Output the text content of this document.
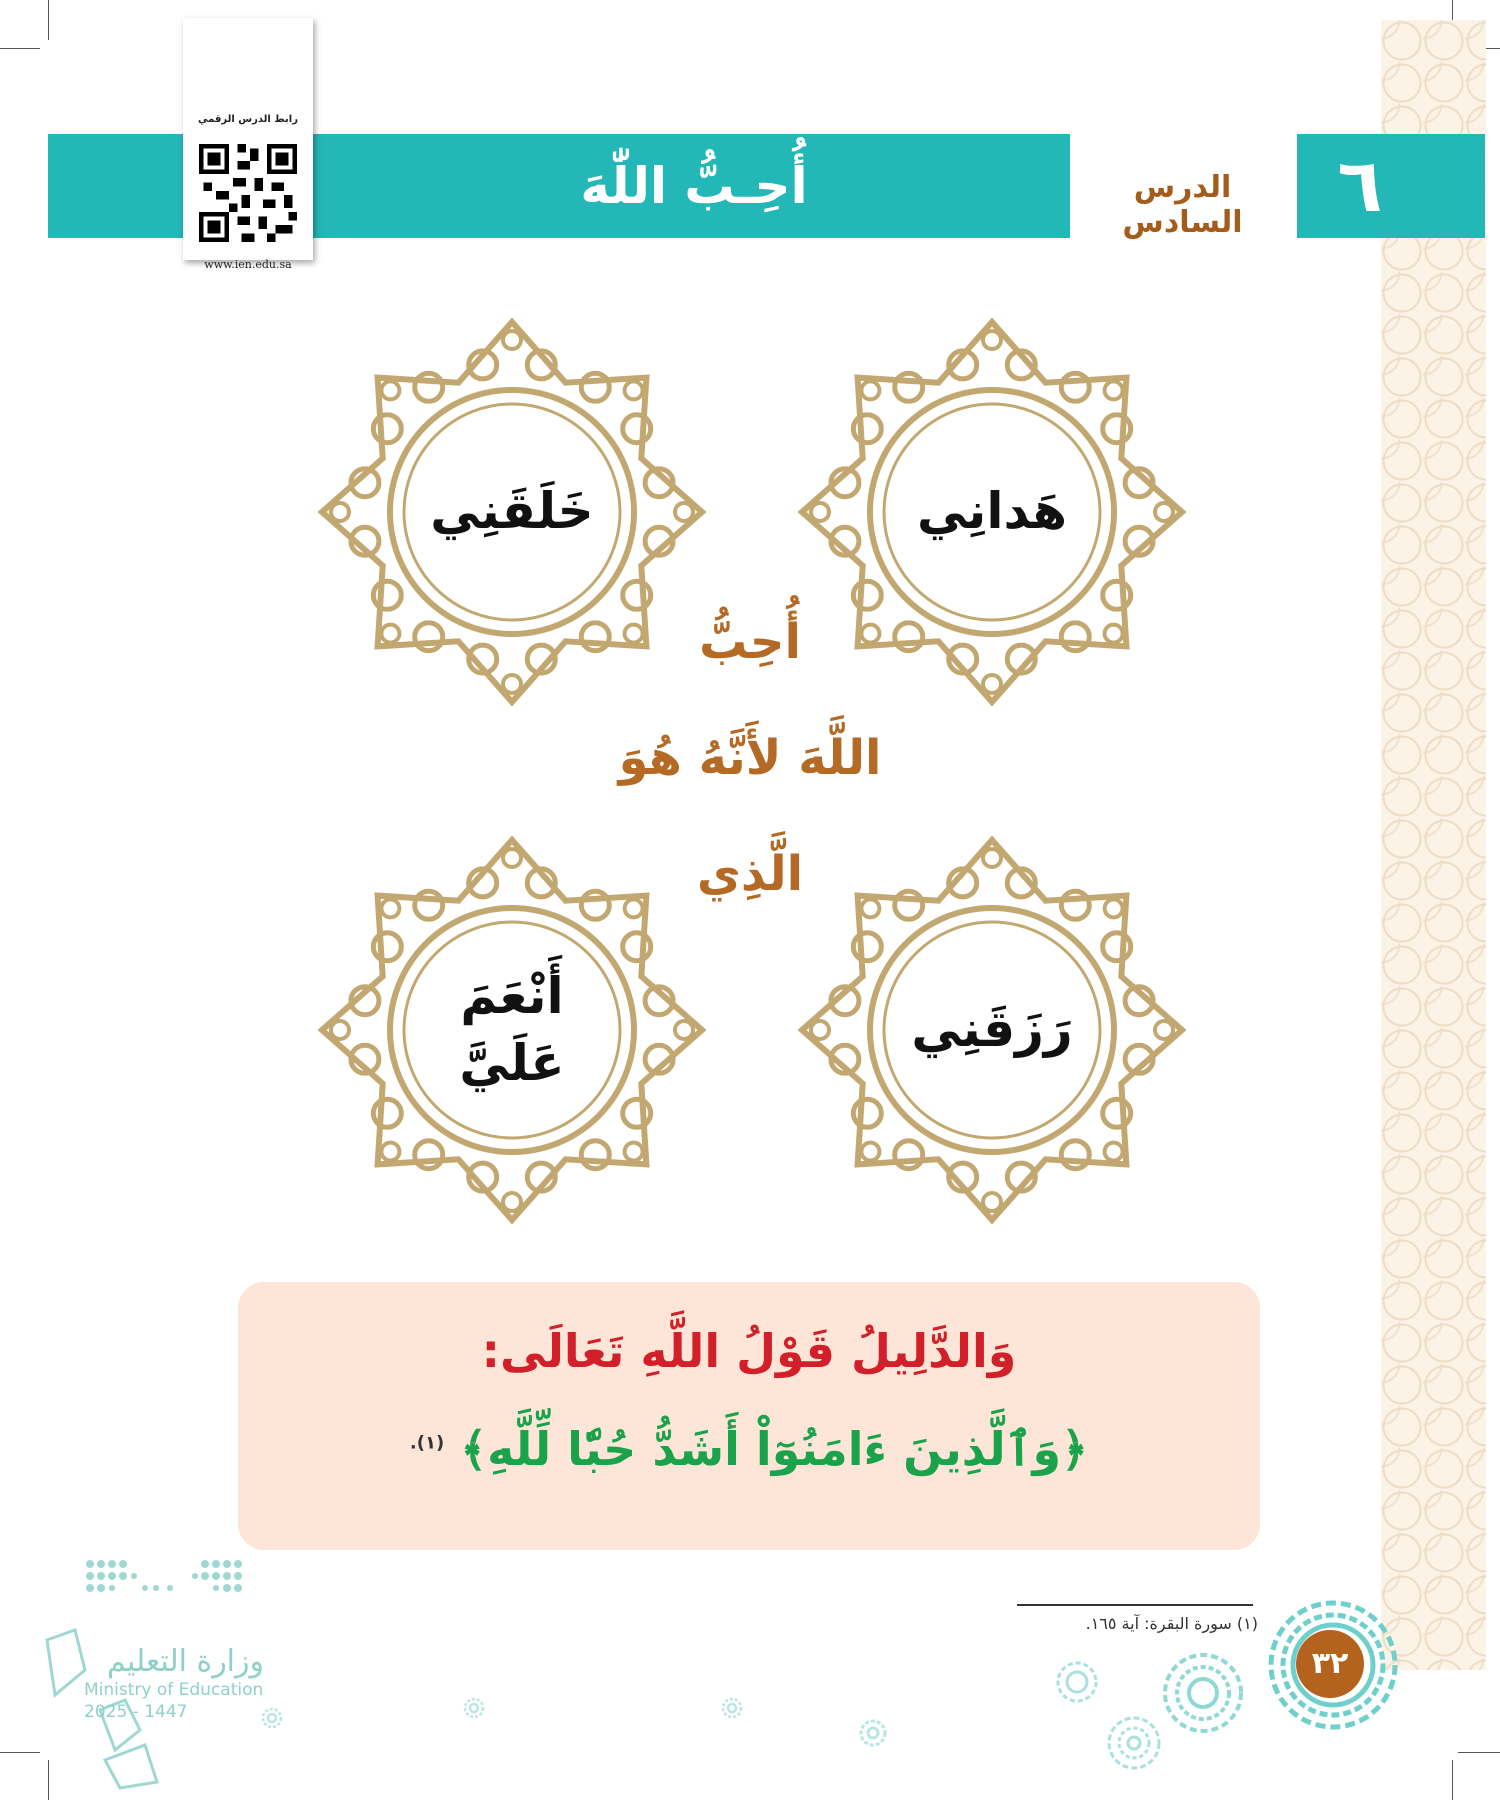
٦
الدرس السادس
أُحِـبُّ اللّٰهَ
رابط الدرس الرقمي
www.ien.edu.sa
هَدانِي
خَلَقَنِي
رَزَقَنِي
أَنْعَمَ
عَلَيَّ
أُحِبُّ
اللَّهَ لأَنَّهُ هُوَ
الَّذِي
وَالدَّلِيلُ قَوْلُ اللَّهِ تَعَالَى:
﴿وَٱلَّذِينَ ءَامَنُوٓاْ أَشَدُّ حُبّٗا لِّلَّهِ﴾ $^{(١).}$
(١) سورة البقرة: آية ١٦٥.
٣٢
وزارة التعليم
Ministry of Education
2025 - 1447
